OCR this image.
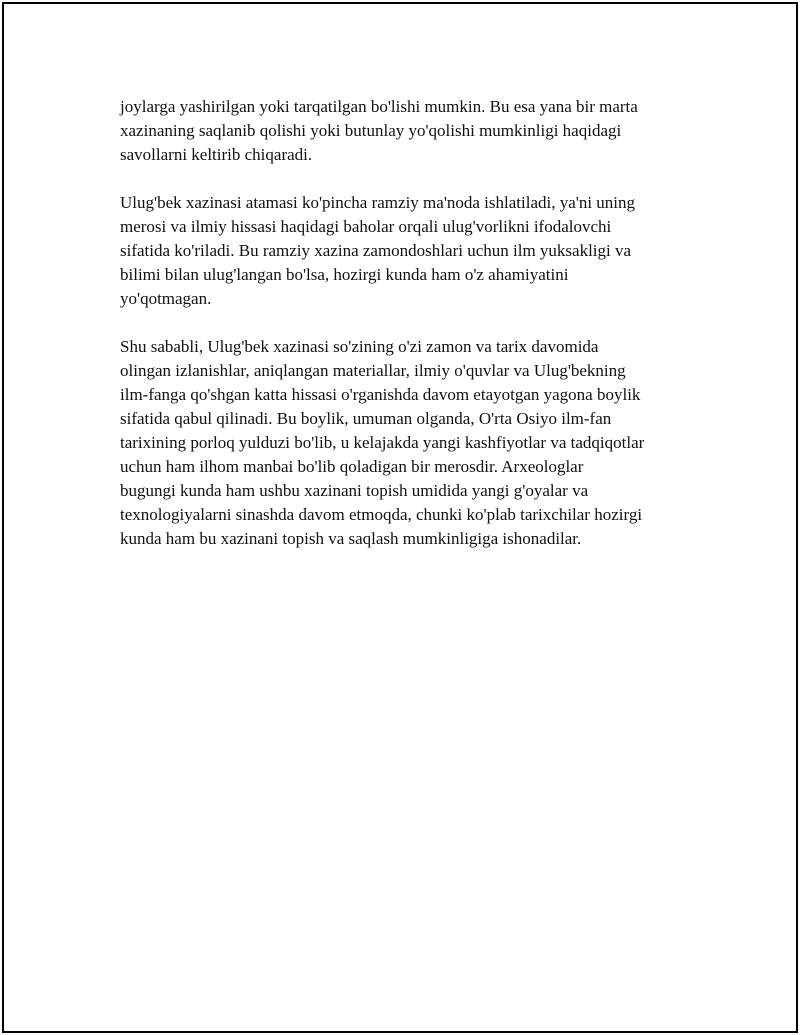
joylarga yashirilgan yoki tarqatilgan bo'lishi mumkin. Bu esa yana bir marta
xazinaning saqlanib qolishi yoki butunlay yo'qolishi mumkinligi haqidagi
savollarni keltirib chiqaradi.

Ulug'bek xazinasi atamasi ko'pincha ramziy ma'noda ishlatiladi, ya'ni uning
merosi va ilmiy hissasi haqidagi baholar orqali ulug'vorlikni ifodalovchi
sifatida ko'riladi. Bu ramziy xazina zamondoshlari uchun ilm yuksakligi va
bilimi bilan ulug'langan bo'lsa, hozirgi kunda ham o'z ahamiyatini
yo'qotmagan.

Shu sababli, Ulug'bek xazinasi so'zining o'zi zamon va tarix davomida
olingan izlanishlar, aniqlangan materiallar, ilmiy o'quvlar va Ulug'bekning
ilm-fanga qo'shgan katta hissasi o'rganishda davom etayotgan yagona boylik
sifatida qabul qilinadi. Bu boylik, umuman olganda, O'rta Osiyo ilm-fan
tarixining porloq yulduzi bo'lib, u kelajakda yangi kashfiyotlar va tadqiqotlar
uchun ham ilhom manbai bo'lib qoladigan bir merosdir. Arxeologlar
bugungi kunda ham ushbu xazinani topish umidida yangi g'oyalar va
texnologiyalarni sinashda davom etmoqda, chunki ko'plab tarixchilar hozirgi
kunda ham bu xazinani topish va saqlash mumkinligiga ishonadilar.
